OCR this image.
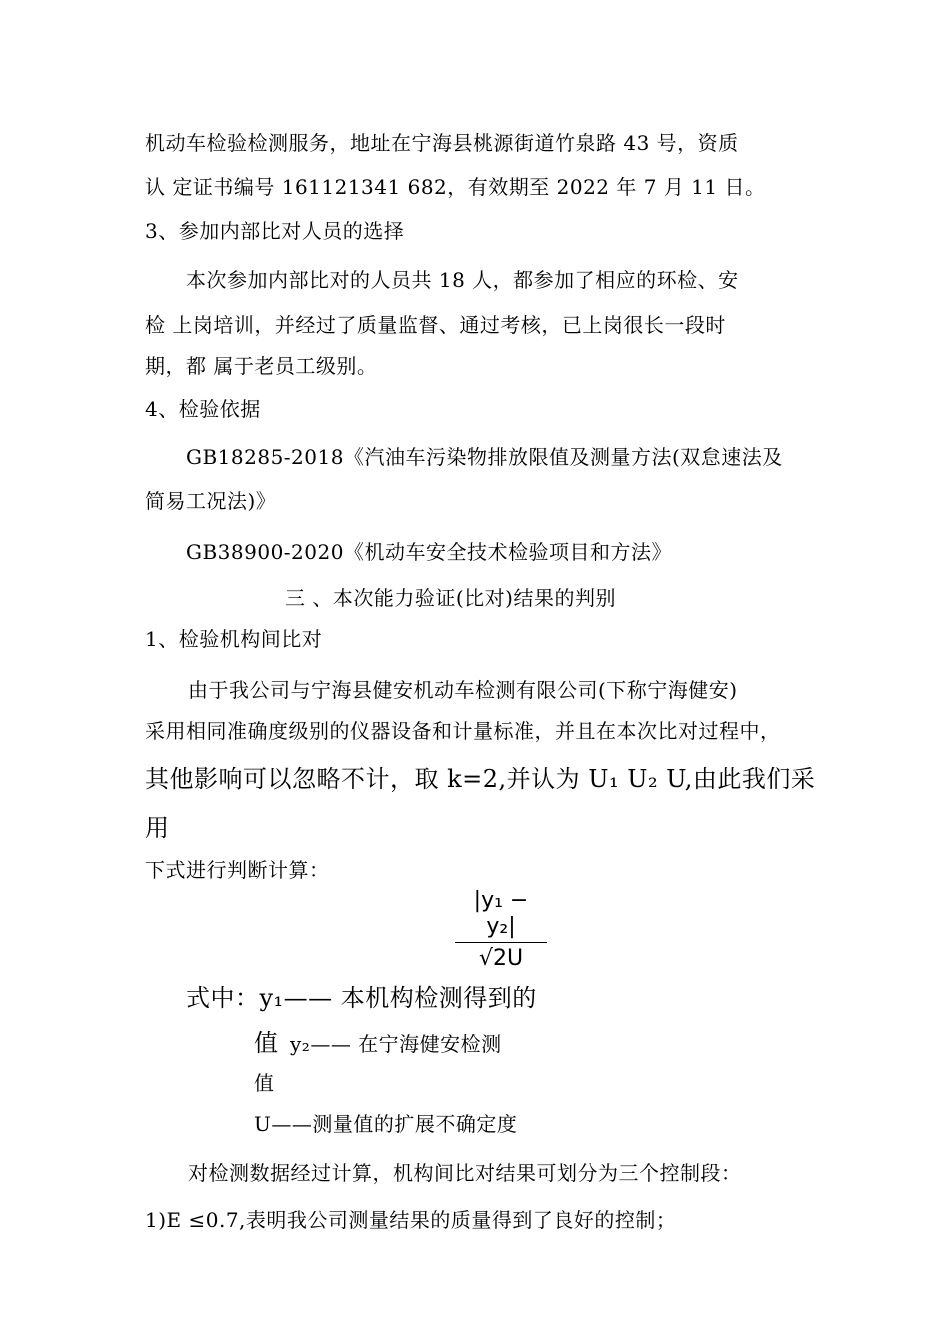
机动车检验检测服务，地址在宁海县桃源街道竹泉路 43 号，资质
认 定证书编号 161121341 682，有效期至 2022 年 7 月 11 日。
3、参加内部比对人员的选择
本次参加内部比对的人员共 18 人，都参加了相应的环检、安
检 上岗培训，并经过了质量监督、通过考核，已上岗很长一段时
期，都 属于老员工级别。
4、检验依据
GB18285-2018《汽油车污染物排放限值及测量方法(双怠速法及
简易工况法)》
GB38900-2020《机动车安全技术检验项目和方法》
三 、本次能力验证(比对)结果的判别
1、检验机构间比对
由于我公司与宁海县健安机动车检测有限公司(下称宁海健安)
采用相同准确度级别的仪器设备和计量标准，并且在本次比对过程中，
其他影响可以忽略不计，取 k=2,并认为 U₁ U₂ U,由此我们采
用
下式进行判断计算：
$\frac{\text{|y₁ − y₂|}}{√2U}$
式中：y₁—— 本机构检测得到的
值 y₂—— 在宁海健安检测
值
U——测量值的扩展不确定度
对检测数据经过计算，机构间比对结果可划分为三个控制段：
1)E ≤0.7,表明我公司测量结果的质量得到了良好的控制；
